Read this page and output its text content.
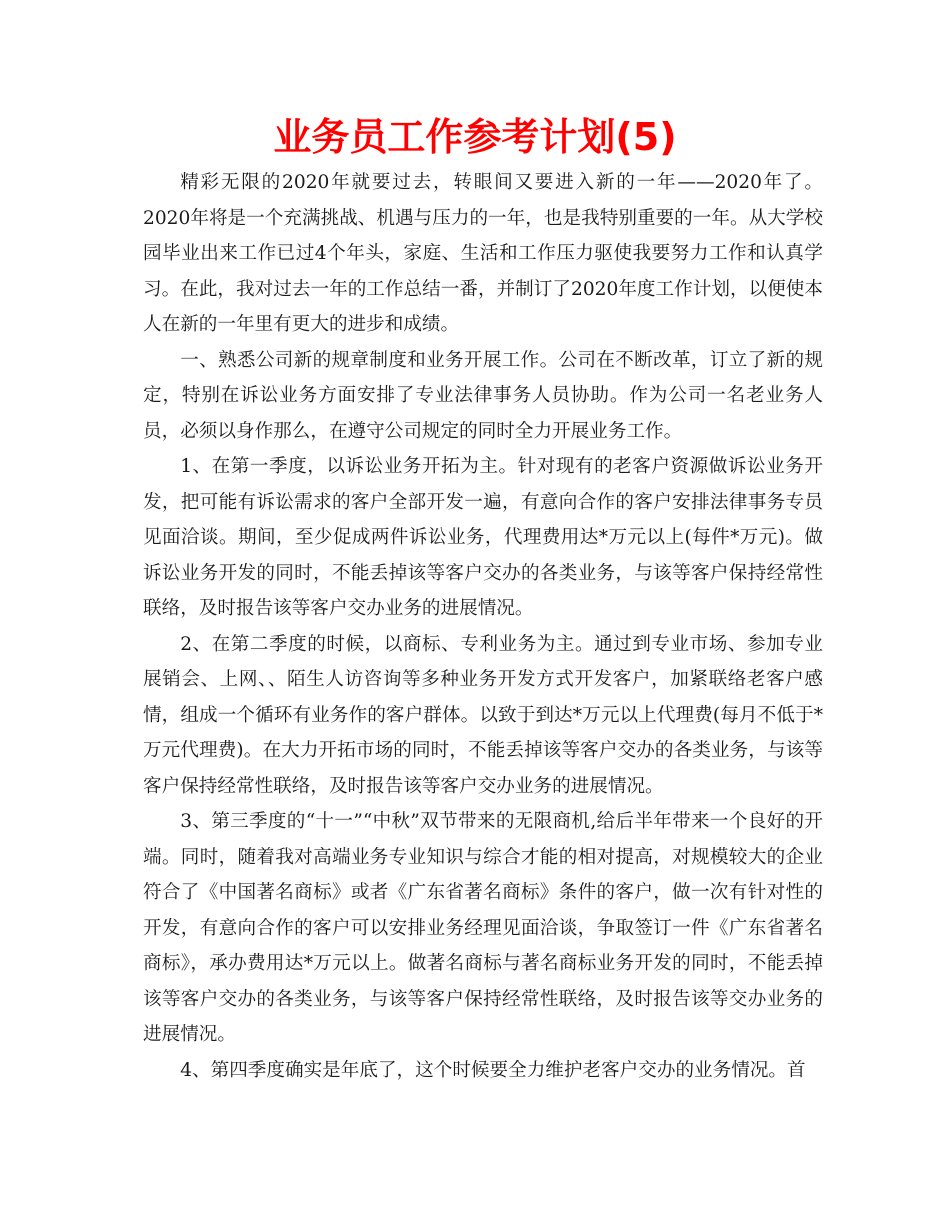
业务员工作参考计划(5)

精彩无限的2020年就要过去，转眼间又要进入新的一年——2020年了。2020年将是一个充满挑战、机遇与压力的一年，也是我特别重要的一年。从大学校园毕业出来工作已过4个年头，家庭、生活和工作压力驱使我要努力工作和认真学习。在此，我对过去一年的工作总结一番，并制订了2020年度工作计划，以便使本人在新的一年里有更大的进步和成绩。

一、熟悉公司新的规章制度和业务开展工作。公司在不断改革，订立了新的规定，特别在诉讼业务方面安排了专业法律事务人员协助。作为公司一名老业务人员，必须以身作那么，在遵守公司规定的同时全力开展业务工作。

1、在第一季度，以诉讼业务开拓为主。针对现有的老客户资源做诉讼业务开发，把可能有诉讼需求的客户全部开发一遍，有意向合作的客户安排法律事务专员见面洽谈。期间，至少促成两件诉讼业务，代理费用达*万元以上(每件*万元)。做诉讼业务开发的同时，不能丢掉该等客户交办的各类业务，与该等客户保持经常性联络，及时报告该等客户交办业务的进展情况。

2、在第二季度的时候，以商标、专利业务为主。通过到专业市场、参加专业展销会、上网、、陌生人访咨询等多种业务开发方式开发客户，加紧联络老客户感情，组成一个循环有业务作的客户群体。以致于到达*万元以上代理费(每月不低于*万元代理费)。在大力开拓市场的同时，不能丢掉该等客户交办的各类业务，与该等客户保持经常性联络，及时报告该等客户交办业务的进展情况。

3、第三季度的“十一”“中秋”双节带来的无限商机,给后半年带来一个良好的开端。同时，随着我对高端业务专业知识与综合才能的相对提高，对规模较大的企业符合了《中国著名商标》或者《广东省著名商标》条件的客户，做一次有针对性的开发，有意向合作的客户可以安排业务经理见面洽谈，争取签订一件《广东省著名商标》，承办费用达*万元以上。做著名商标与著名商标业务开发的同时，不能丢掉该等客户交办的各类业务，与该等客户保持经常性联络，及时报告该等交办业务的进展情况。

4、第四季度确实是年底了，这个时候要全力维护老客户交办的业务情况。首
